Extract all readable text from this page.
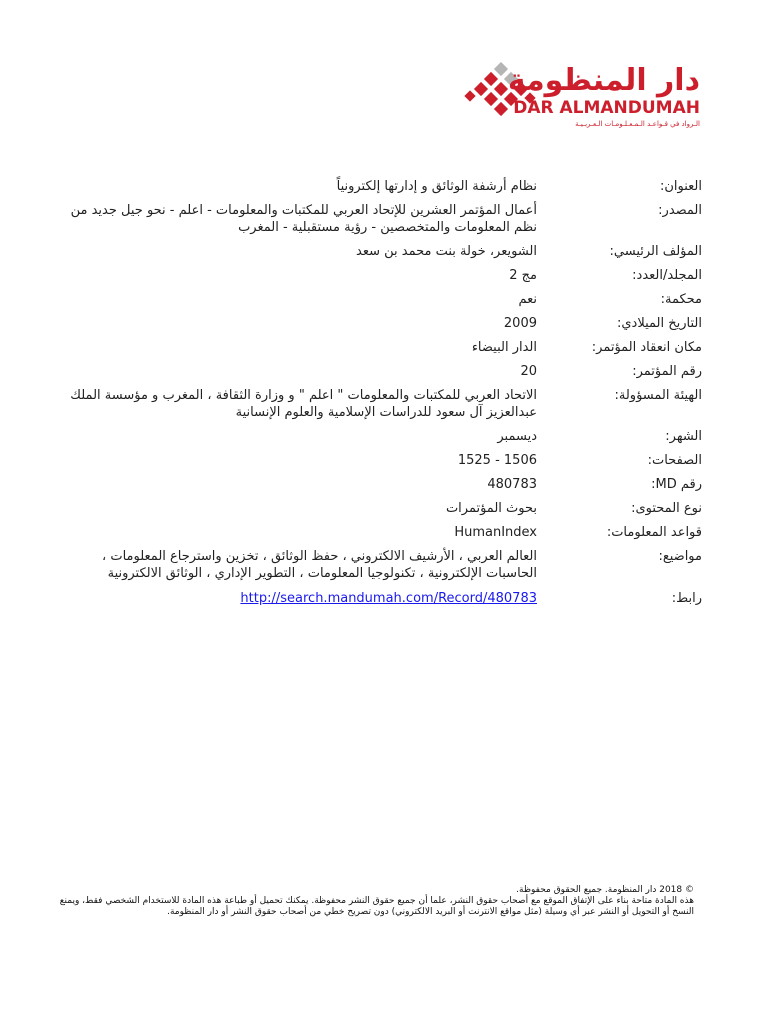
دار المنظومة
DAR ALMANDUMAH
الـرواد في قـواعـد الـمـعـلـومـات الـعـربـيـة
العنوان:
نظام أرشفة الوثائق و إدارتها إلكترونياً
المصدر:
أعمال المؤتمر العشرين للإتحاد العربي للمكتبات والمعلومات - اعلم - نحو جيل جديد من نظم المعلومات والمتخصصين - رؤية مستقبلية - المغرب
المؤلف الرئيسي:
الشويعر، خولة بنت محمد بن سعد
المجلد/العدد:
مج 2
محكمة:
نعم
التاريخ الميلادي:
2009
مكان انعقاد المؤتمر:
الدار البيضاء
رقم المؤتمر:
20
الهيئة المسؤولة:
الاتحاد العربي للمكتبات والمعلومات " اعلم " و وزارة الثقافة ، المغرب و مؤسسة الملك عبدالعزيز آل سعود للدراسات الإسلامية والعلوم الإنسانية
الشهر:
ديسمبر
الصفحات:
1506 - 1525
رقم MD:
480783
نوع المحتوى:
بحوث المؤتمرات
قواعد المعلومات:
HumanIndex
مواضيع:
العالم العربي ، الأرشيف الالكتروني ، حفظ الوثائق ، تخزين واسترجاع المعلومات ، الحاسبات الإلكترونية ، تكنولوجيا المعلومات ، التطوير الإداري ، الوثائق الالكترونية
رابط:
http://search.mandumah.com/Record/480783
© 2018 دار المنظومة. جميع الحقوق محفوظة.
هذه المادة متاحة بناء على الإتفاق الموقع مع أصحاب حقوق النشر، علما أن جميع حقوق النشر محفوظة. يمكنك تحميل أو طباعة هذه المادة للاستخدام الشخصي فقط، ويمنع النسخ أو التحويل أو النشر عبر أي وسيلة (مثل مواقع الانترنت أو البريد الالكتروني) دون تصريح خطي من أصحاب حقوق النشر أو دار المنظومة.
